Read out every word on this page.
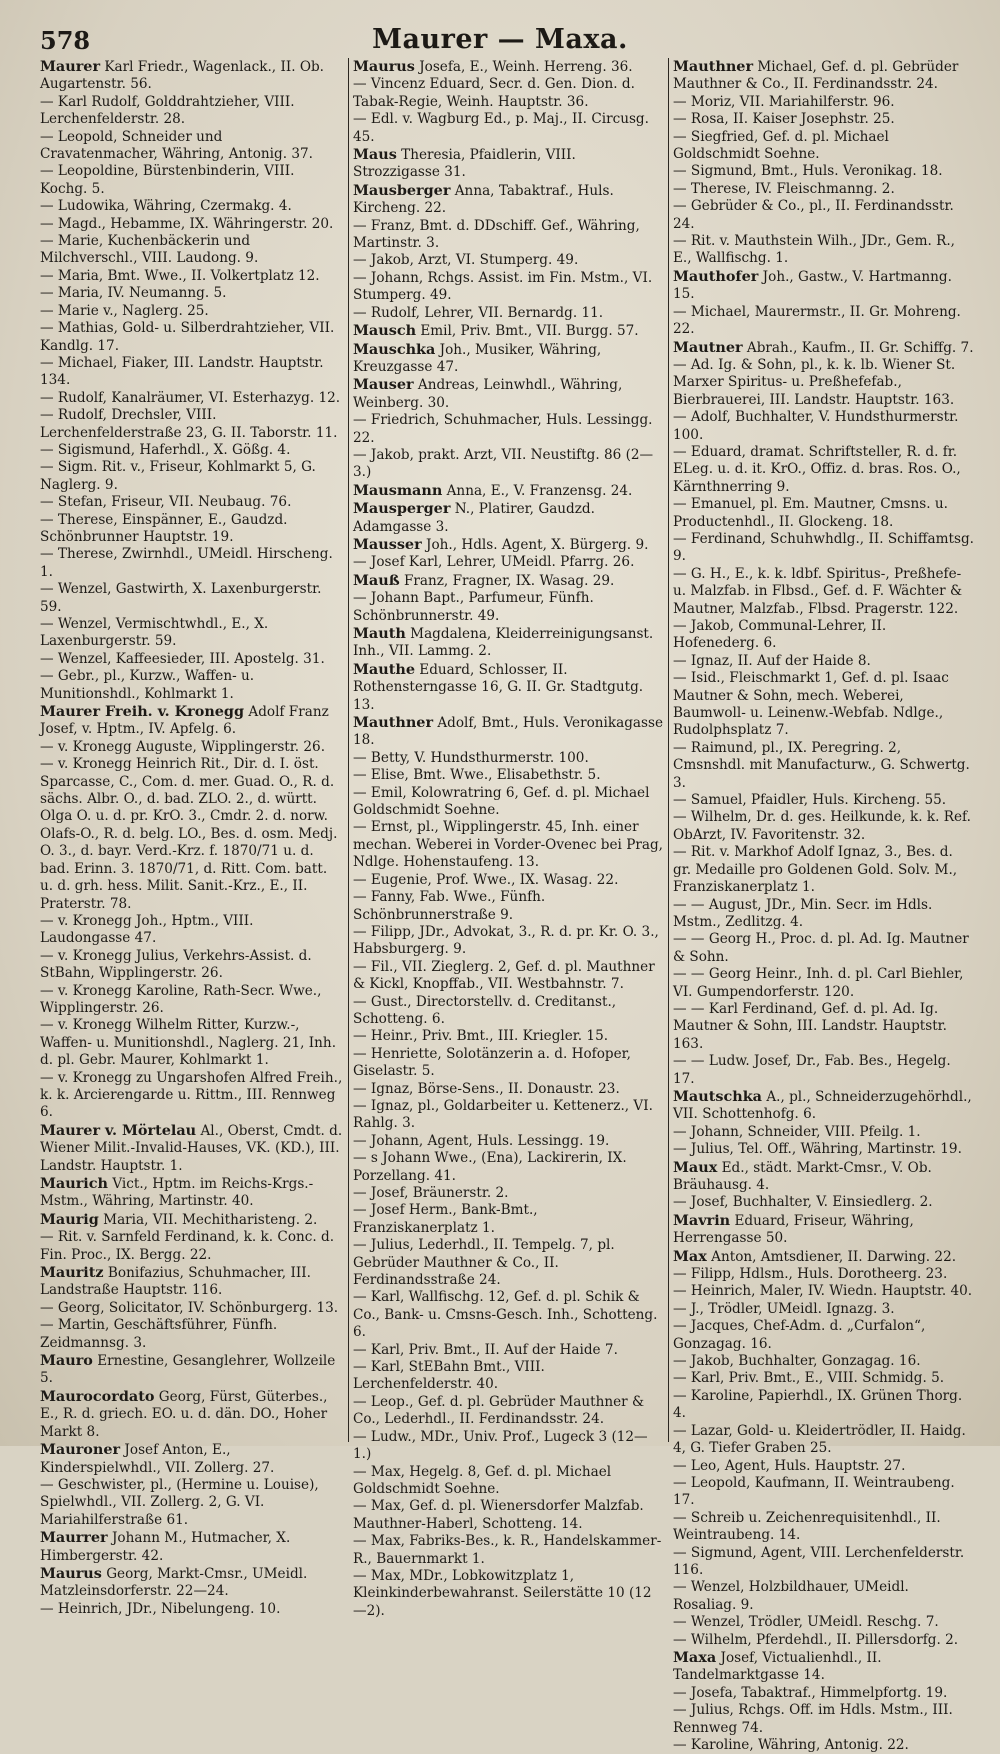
578	Maurer — Maxa.
Maurer Karl Friedr., Wagenlack., II. Ob. Augartenstr. 56.
— Karl Rudolf, Golddrahtzieher, VIII. Lerchenfelderstr. 28.
— Leopold, Schneider und Cravatenmacher, Währing, Antonig. 37.
— Leopoldine, Bürstenbinderin, VIII. Kochg. 5.
— Ludowika, Währing, Czermakg. 4.
— Magd., Hebamme, IX. Währingerstr. 20.
— Marie, Kuchenbäckerin und Milchverschl., VIII. Laudong. 9.
— Maria, Bmt. Wwe., II. Volkertplatz 12.
— Maria, IV. Neumanng. 5.
— Marie v., Naglerg. 25.
— Mathias, Gold- u. Silberdrahtzieher, VII. Kandlg. 17.
— Michael, Fiaker, III. Landstr. Hauptstr. 134.
— Rudolf, Kanalräumer, VI. Esterhazyg. 12.
— Rudolf, Drechsler, VIII. Lerchenfelderstraße 23, G. II. Taborstr. 11.
— Sigismund, Haferhdl., X. Gößg. 4.
— Sigm. Rit. v., Friseur, Kohlmarkt 5, G. Naglerg. 9.
— Stefan, Friseur, VII. Neubaug. 76.
— Therese, Einspänner, E., Gaudzd. Schönbrunner Hauptstr. 19.
— Therese, Zwirnhdl., UMeidl. Hirscheng. 1.
— Wenzel, Gastwirth, X. Laxenburgerstr. 59.
— Wenzel, Vermischtwhdl., E., X. Laxenburgerstr. 59.
— Wenzel, Kaffeesieder, III. Apostelg. 31.
— Gebr., pl., Kurzw., Waffen- u. Munitionshdl., Kohlmarkt 1.
Maurer Freih. v. Kronegg Adolf Franz Josef, v. Hptm., IV. Apfelg. 6.
— v. Kronegg Auguste, Wipplingerstr. 26.
— v. Kronegg Heinrich Rit., Dir. d. I. öst. Sparcasse, C., Com. d. mer. Guad. O., R. d. sächs. Albr. O., d. bad. ZLO. 2., d. württ. Olga O. u. d. pr. KrO. 3., Cmdr. 2. d. norw. Olafs-O., R. d. belg. LO., Bes. d. osm. Medj. O. 3., d. bayr. Verd.-Krz. f. 1870/71 u. d. bad. Erinn. 3. 1870/71, d. Ritt. Com. batt. u. d. grh. hess. Milit. Sanit.-Krz., E., II. Praterstr. 78.
— v. Kronegg Joh., Hptm., VIII. Laudongasse 47.
— v. Kronegg Julius, Verkehrs-Assist. d. StBahn, Wipplingerstr. 26.
— v. Kronegg Karoline, Rath-Secr. Wwe., Wipplingerstr. 26.
— v. Kronegg Wilhelm Ritter, Kurzw.-, Waffen- u. Munitionshdl., Naglerg. 21, Inh. d. pl. Gebr. Maurer, Kohlmarkt 1.
— v. Kronegg zu Ungarshofen Alfred Freih., k. k. Arcierengarde u. Rittm., III. Rennweg 6.
Maurer v. Mörtelau Al., Oberst, Cmdt. d. Wiener Milit.-Invalid-Hauses, VK. (KD.), III. Landstr. Hauptstr. 1.
Maurich Vict., Hptm. im Reichs-Krgs.-Mstm., Währing, Martinstr. 40.
Maurig Maria, VII. Mechitharisteng. 2.
— Rit. v. Sarnfeld Ferdinand, k. k. Conc. d. Fin. Proc., IX. Bergg. 22.
Mauritz Bonifazius, Schuhmacher, III. Landstraße Hauptstr. 116.
— Georg, Solicitator, IV. Schönburgerg. 13.
— Martin, Geschäftsführer, Fünfh. Zeidmannsg. 3.
Mauro Ernestine, Gesanglehrer, Wollzeile 5.
Maurocordato Georg, Fürst, Güterbes., E., R. d. griech. EO. u. d. dän. DO., Hoher Markt 8.
Mauroner Josef Anton, E., Kinderspielwhdl., VII. Zollerg. 27.
— Geschwister, pl., (Hermine u. Louise), Spielwhdl., VII. Zollerg. 2, G. VI. Mariahilferstraße 61.
Maurrer Johann M., Hutmacher, X. Himbergerstr. 42.
Maurus Georg, Markt-Cmsr., UMeidl. Matzleinsdorferstr. 22—24.
— Heinrich, JDr., Nibelungeng. 10.
Maurus Josefa, E., Weinh. Herreng. 36.
— Vincenz Eduard, Secr. d. Gen. Dion. d. Tabak-Regie, Weinh. Hauptstr. 36.
— Edl. v. Wagburg Ed., p. Maj., II. Circusg. 45.
Maus Theresia, Pfaidlerin, VIII. Strozzigasse 31.
Mausberger Anna, Tabaktraf., Huls. Kircheng. 22.
— Franz, Bmt. d. DDschiff. Gef., Währing, Martinstr. 3.
— Jakob, Arzt, VI. Stumperg. 49.
— Johann, Rchgs. Assist. im Fin. Mstm., VI. Stumperg. 49.
— Rudolf, Lehrer, VII. Bernardg. 11.
Mausch Emil, Priv. Bmt., VII. Burgg. 57.
Mauschka Joh., Musiker, Währing, Kreuzgasse 47.
Mauser Andreas, Leinwhdl., Währing, Weinberg. 30.
— Friedrich, Schuhmacher, Huls. Lessingg. 22.
— Jakob, prakt. Arzt, VII. Neustiftg. 86 (2—3.)
Mausmann Anna, E., V. Franzensg. 24.
Mausperger N., Platirer, Gaudzd. Adamgasse 3.
Mausser Joh., Hdls. Agent, X. Bürgerg. 9.
— Josef Karl, Lehrer, UMeidl. Pfarrg. 26.
Mauß Franz, Fragner, IX. Wasag. 29.
— Johann Bapt., Parfumeur, Fünfh. Schönbrunnerstr. 49.
Mauth Magdalena, Kleiderreinigungsanst. Inh., VII. Lammg. 2.
Mauthe Eduard, Schlosser, II. Rothensterngasse 16, G. II. Gr. Stadtgutg. 13.
Mauthner Adolf, Bmt., Huls. Veronikagasse 18.
— Betty, V. Hundsthurmerstr. 100.
— Elise, Bmt. Wwe., Elisabethstr. 5.
— Emil, Kolowratring 6, Gef. d. pl. Michael Goldschmidt Soehne.
— Ernst, pl., Wipplingerstr. 45, Inh. einer mechan. Weberei in Vorder-Ovenec bei Prag, Ndlge. Hohenstaufeng. 13.
— Eugenie, Prof. Wwe., IX. Wasag. 22.
— Fanny, Fab. Wwe., Fünfh. Schönbrunnerstraße 9.
— Filipp, JDr., Advokat, 3., R. d. pr. Kr. O. 3., Habsburgerg. 9.
— Fil., VII. Zieglerg. 2, Gef. d. pl. Mauthner & Kickl, Knopffab., VII. Westbahnstr. 7.
— Gust., Directorstellv. d. Creditanst., Schotteng. 6.
— Heinr., Priv. Bmt., III. Kriegler. 15.
— Henriette, Solotänzerin a. d. Hofoper, Giselastr. 5.
— Ignaz, Börse-Sens., II. Donaustr. 23.
— Ignaz, pl., Goldarbeiter u. Kettenerz., VI. Rahlg. 3.
— Johann, Agent, Huls. Lessingg. 19.
— s Johann Wwe., (Ena), Lackirerin, IX. Porzellang. 41.
— Josef, Bräunerstr. 2.
— Josef Herm., Bank-Bmt., Franziskanerplatz 1.
— Julius, Lederhdl., II. Tempelg. 7, pl. Gebrüder Mauthner & Co., II. Ferdinandsstraße 24.
— Karl, Wallfischg. 12, Gef. d. pl. Schik & Co., Bank- u. Cmsns-Gesch. Inh., Schotteng. 6.
— Karl, Priv. Bmt., II. Auf der Haide 7.
— Karl, StEBahn Bmt., VIII. Lerchenfelderstr. 40.
— Leop., Gef. d. pl. Gebrüder Mauthner & Co., Lederhdl., II. Ferdinandsstr. 24.
— Ludw., MDr., Univ. Prof., Lugeck 3 (12—1.)
— Max, Hegelg. 8, Gef. d. pl. Michael Goldschmidt Soehne.
— Max, Gef. d. pl. Wienersdorfer Malzfab. Mauthner-Haberl, Schotteng. 14.
— Max, Fabriks-Bes., k. R., Handelskammer-R., Bauernmarkt 1.
— Max, MDr., Lobkowitzplatz 1, Kleinkinderbewahranst. Seilerstätte 10 (12—2).
Mauthner Michael, Gef. d. pl. Gebrüder Mauthner & Co., II. Ferdinandsstr. 24.
— Moriz, VII. Mariahilferstr. 96.
— Rosa, II. Kaiser Josephstr. 25.
— Siegfried, Gef. d. pl. Michael Goldschmidt Soehne.
— Sigmund, Bmt., Huls. Veronikag. 18.
— Therese, IV. Fleischmanng. 2.
— Gebrüder & Co., pl., II. Ferdinandsstr. 24.
— Rit. v. Mauthstein Wilh., JDr., Gem. R., E., Wallfischg. 1.
Mauthofer Joh., Gastw., V. Hartmanng. 15.
— Michael, Maurermstr., II. Gr. Mohreng. 22.
Mautner Abrah., Kaufm., II. Gr. Schiffg. 7.
— Ad. Ig. & Sohn, pl., k. k. lb. Wiener St. Marxer Spiritus- u. Preßhefefab., Bierbrauerei, III. Landstr. Hauptstr. 163.
— Adolf, Buchhalter, V. Hundsthurmerstr. 100.
— Eduard, dramat. Schriftsteller, R. d. fr. ELeg. u. d. it. KrO., Offiz. d. bras. Ros. O., Kärnthnerring 9.
— Emanuel, pl. Em. Mautner, Cmsns. u. Productenhdl., II. Glockeng. 18.
— Ferdinand, Schuhwhdlg., II. Schiffamtsg. 9.
— G. H., E., k. k. ldbf. Spiritus-, Preßhefe- u. Malzfab. in Flbsd., Gef. d. F. Wächter & Mautner, Malzfab., Flbsd. Pragerstr. 122.
— Jakob, Communal-Lehrer, II. Hofenederg. 6.
— Ignaz, II. Auf der Haide 8.
— Isid., Fleischmarkt 1, Gef. d. pl. Isaac Mautner & Sohn, mech. Weberei, Baumwoll- u. Leinenw.-Webfab. Ndlge., Rudolphsplatz 7.
— Raimund, pl., IX. Peregring. 2, Cmsnshdl. mit Manufacturw., G. Schwertg. 3.
— Samuel, Pfaidler, Huls. Kircheng. 55.
— Wilhelm, Dr. d. ges. Heilkunde, k. k. Ref. ObArzt, IV. Favoritenstr. 32.
— Rit. v. Markhof Adolf Ignaz, 3., Bes. d. gr. Medaille pro Goldenen Gold. Solv. M., Franziskanerplatz 1.
— — August, JDr., Min. Secr. im Hdls. Mstm., Zedlitzg. 4.
— — Georg H., Proc. d. pl. Ad. Ig. Mautner & Sohn.
— — Georg Heinr., Inh. d. pl. Carl Biehler, VI. Gumpendorferstr. 120.
— — Karl Ferdinand, Gef. d. pl. Ad. Ig. Mautner & Sohn, III. Landstr. Hauptstr. 163.
— — Ludw. Josef, Dr., Fab. Bes., Hegelg. 17.
Mautschka A., pl., Schneiderzugehörhdl., VII. Schottenhofg. 6.
— Johann, Schneider, VIII. Pfeilg. 1.
— Julius, Tel. Off., Währing, Martinstr. 19.
Maux Ed., städt. Markt-Cmsr., V. Ob. Bräuhausg. 4.
— Josef, Buchhalter, V. Einsiedlerg. 2.
Mavrin Eduard, Friseur, Währing, Herrengasse 50.
Max Anton, Amtsdiener, II. Darwing. 22.
— Filipp, Hdlsm., Huls. Dorotheerg. 23.
— Heinrich, Maler, IV. Wiedn. Hauptstr. 40.
— J., Trödler, UMeidl. Ignazg. 3.
— Jacques, Chef-Adm. d. „Curfalon“, Gonzagag. 16.
— Jakob, Buchhalter, Gonzagag. 16.
— Karl, Priv. Bmt., E., VIII. Schmidg. 5.
— Karoline, Papierhdl., IX. Grünen Thorg. 4.
— Lazar, Gold- u. Kleidertrödler, II. Haidg. 4, G. Tiefer Graben 25.
— Leo, Agent, Huls. Hauptstr. 27.
— Leopold, Kaufmann, II. Weintraubeng. 17.
— Schreib u. Zeichenrequisitenhdl., II. Weintraubeng. 14.
— Sigmund, Agent, VIII. Lerchenfelderstr. 116.
— Wenzel, Holzbildhauer, UMeidl. Rosaliag. 9.
— Wenzel, Trödler, UMeidl. Reschg. 7.
— Wilhelm, Pferdehdl., II. Pillersdorfg. 2.
Maxa Josef, Victualienhdl., II. Tandelmarktgasse 14.
— Josefa, Tabaktraf., Himmelpfortg. 19.
— Julius, Rchgs. Off. im Hdls. Mstm., III. Rennweg 74.
— Karoline, Währing, Antonig. 22.
